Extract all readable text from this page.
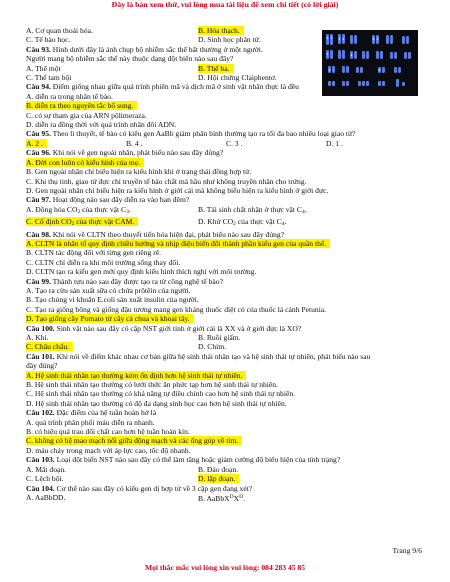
Đây là bản xem thử, vui lòng mua tài liệu để xem chi tiết (có lời giải)
A. Cơ quan thoái hóa.	B. Hóa thạch.
C. Tế bào học.	D. Sinh học phân tử.
Câu 93. Hình dưới đây là ảnh chụp bộ nhiễm sắc thể bất thường ở một người.
Người mang bộ nhiễm sắc thể này thuộc dạng đột biến nào sau đây?
A. Thể một	B. Thể ba.
C. Thể tam bội	D. Hội chứng Claiphentơ.
Câu 94. Điểm giống nhau giữa quá trình phiên mã và dịch mã ở sinh vật nhân thực là đều
A. diễn ra trong nhân tế bào.
B. diễn ra theo nguyên tắc bổ sung.
C. có sự tham gia của ARN pôlimeraza.
D. diễn ra đồng thời với quá trình nhân đôi ADN.
Câu 95. Theo lí thuyết, tế bào có kiểu gen AaBb giảm phân bình thường tạo ra tối đa bao nhiêu loại giao tử?
A. 2 .	B. 4 .	C. 3 .	D. 1 .
Câu 96. Khi nói về gen ngoài nhân, phát biểu nào sau đây đúng?
A. Đời con luôn có kiểu hình của mẹ.
B. Gen ngoài nhân chỉ biểu hiện ra kiểu hình khi ở trạng thái đồng hợp tử.
C. Khi thụ tinh, giao tử đực chỉ truyền tế bào chất mà hầu như không truyền nhân cho trứng.
D. Gen ngoài nhân chỉ biểu hiện ra kiểu hình ở giới cái mà không biểu hiện ra kiểu hình ở giới đực.
Câu 97. Hoạt động nào sau đây diễn ra vào ban đêm?
A. Đồng hóa CO2 của thực vật C3.	B. Tái sinh chất nhận ở thực vật C4.
C. Cố định CO2 của thực vật CAM.	D. Khử CO2 của thực vật C4.
Câu 98. Khi nói về CLTN theo thuyết tiến hóa hiện đại, phát biểu nào sau đây đúng?
A. CLTN là nhân tố quy định chiều hướng và nhịp điệu biến đổi thành phần kiểu gen của quần thể.
B. CLTN tác động đối với từng gen riêng rẽ.
C. CLTN chỉ diễn ra khi môi trường sống thay đổi.
D. CLTN tạo ra kiểu gen mới quy định kiểu hình thích nghi với môi trường.
Câu 99. Thành tựu nào sau đây được tạo ra từ công nghệ tế bào?
A. Tạo ra cừu sản xuất sữa có chứa prôtêin của người.
B. Tạo chủng vi khuẩn E.coli sản xuất insulin của người.
C. Tạo ra giống bông và giống đậu tương mang gen kháng thuốc diệt cỏ của thuốc lá cảnh Petunia.
D. Tạo giống cây Pomato từ cây cà chua và khoai tây.
Câu 100. Sinh vật nào sau đây có cặp NST giới tính ở giới cái là XX và ở giới đực là XO?
A. Khỉ.	B. Ruồi giấm.
C. Châu chấu.	D. Chim.
Câu 101. Khi nói về điểm khác nhau cơ bản giữa hệ sinh thái nhân tạo và hệ sinh thái tự nhiên, phát biểu nào sau
đây đúng?
A. Hệ sinh thái nhân tạo thường kém ổn định hơn hệ sinh thái tự nhiên.
B. Hệ sinh thái nhân tạo thường có lưới thức ăn phức tạp hơn hệ sinh thái tự nhiên.
C. Hệ sinh thái nhân tạo thường có khả năng tự điều chỉnh cao hơn hệ sinh thái tự nhiên.
D. Hệ sinh thái nhân tạo thường có độ đa dạng sinh học cao hơn hệ sinh thái tự nhiên.
Câu 102. Đặc điểm của hệ tuần hoàn hở là
A. quá trình phân phối máu diễn ra nhanh.
B. có hiệu quả trao đổi chất cao hơn hệ tuần hoàn kín.
C. không có hệ mao mạch nối giữa động mạch và các ống góp về tim.
D. máu chảy trong mạch với áp lực cao, tốc độ nhanh.
Câu 103. Loại đột biến NST nào sau đây có thể làm tăng hoặc giảm cường độ biểu hiện của tính trạng?
A. Mất đoạn.	B. Đảo đoạn.
C. Lệch bội.	D. lặp đoạn.
Câu 104. Cơ thể nào sau đây có kiểu gen dị hợp tử về 3 cặp gen đang xét?
A. AaBbDD.	B. $AaBbX^DX^D$.
Trang 9/6
Mọi thắc mắc vui lòng xin vui lòng: 084 283 45 85
